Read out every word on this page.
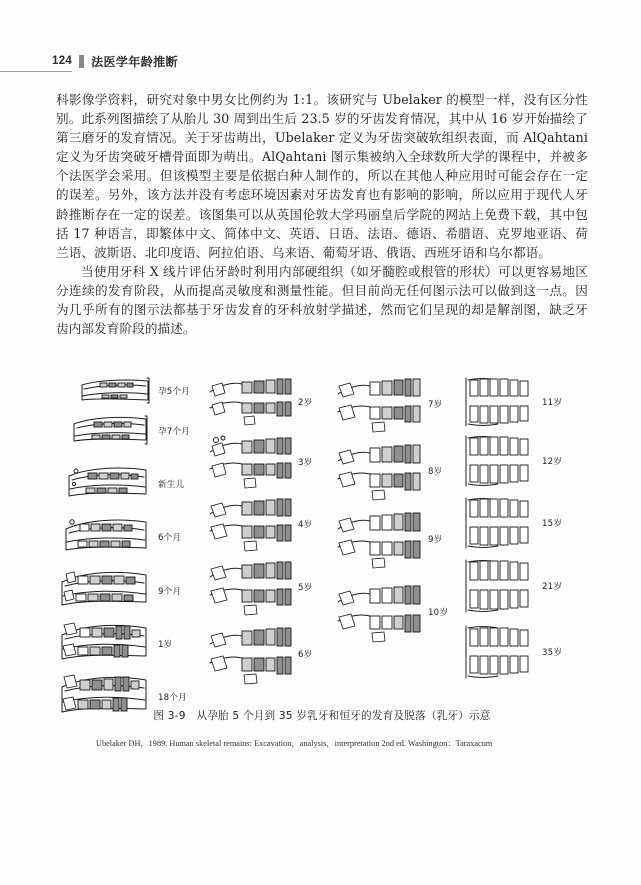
124 法医学年龄推断

科影像学资料，研究对象中男女比例约为 1:1。该研究与 Ubelaker 的模型一样，没有区分性别。此系列图描绘了从胎儿 30 周到出生后 23.5 岁的牙齿发育情况，其中从 16 岁开始描绘了第三磨牙的发育情况。关于牙齿萌出，Ubelaker 定义为牙齿突破软组织表面，而 AlQahtani 定义为牙齿突破牙槽骨面即为萌出。AlQahtani 图示集被纳入全球数所大学的课程中，并被多个法医学会采用。但该模型主要是依据白种人制作的，所以在其他人种应用时可能会存在一定的误差。另外，该方法并没有考虑环境因素对牙齿发育也有影响的影响，所以应用于现代人牙龄推断存在一定的误差。该图集可以从英国伦敦大学玛丽皇后学院的网站上免费下载，其中包括 17 种语言，即繁体中文、简体中文、英语、日语、法语、德语、希腊语、克罗地亚语、荷兰语、波斯语、北印度语、阿拉伯语、乌来语、葡萄牙语、俄语、西班牙语和乌尔都语。

当使用牙科 X 线片评估牙龄时利用内部硬组织（如牙髓腔或根管的形状）可以更容易地区分连续的发育阶段，从而提高灵敏度和测量性能。但目前尚无任何图示法可以做到这一点。因为几乎所有的图示法都基于牙齿发育的牙科放射学描述，然而它们呈现的却是解剖图，缺乏牙齿内部发育阶段的描述。

孕5个月
孕7个月
新生儿
6个月
9个月
1岁
18个月
2岁
3岁
4岁
5岁
6岁
7岁
8岁
9岁
10岁
11岁
12岁
15岁
21岁
35岁
图 3-9　从孕胎 5 个月到 35 岁乳牙和恒牙的发育及脱落（乳牙）示意
Ubelaker DH，1989. Human skeletal remains: Excavation，analysis，interpretation 2nd ed. Washington：Taraxacum
